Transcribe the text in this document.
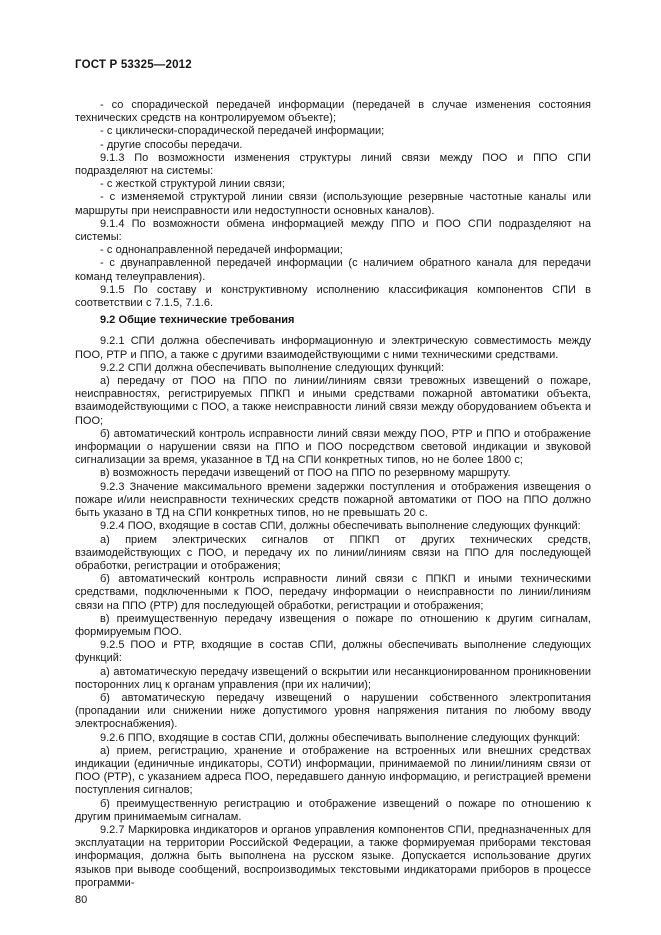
ГОСТ Р 53325—2012

- со спорадической передачей информации (передачей в случае изменения состояния технических средств на контролируемом объекте);

- с циклически-спорадической передачей информации;

- другие способы передачи.

9.1.3 По возможности изменения структуры линий связи между ПОО и ППО СПИ подразделяют на системы:

- с жесткой структурой линии связи;

- с изменяемой структурой линии связи (использующие резервные частотные каналы или маршруты при неисправности или недоступности основных каналов).

9.1.4 По возможности обмена информацией между ППО и ПОО СПИ подразделяют на системы:

- с однонаправленной передачей информации;

- с двунаправленной передачей информации (с наличием обратного канала для передачи команд телеуправления).

9.1.5 По составу и конструктивному исполнению классификация компонентов СПИ в соответствии с 7.1.5, 7.1.6.

9.2 Общие технические требования

9.2.1 СПИ должна обеспечивать информационную и электрическую совместимость между ПОО, РТР и ППО, а также с другими взаимодействующими с ними техническими средствами.

9.2.2 СПИ должна обеспечивать выполнение следующих функций:

а) передачу от ПОО на ППО по линии/линиям связи тревожных извещений о пожаре, неисправностях, регистрируемых ППКП и иными средствами пожарной автоматики объекта, взаимодействующими с ПОО, а также неисправности линий связи между оборудованием объекта и ПОО;

б) автоматический контроль исправности линий связи между ПОО, РТР и ППО и отображение информации о нарушении связи на ППО и ПОО посредством световой индикации и звуковой сигнализации за время, указанное в ТД на СПИ конкретных типов, но не более 1800 с;

в) возможность передачи извещений от ПОО на ППО по резервному маршруту.

9.2.3 Значение максимального времени задержки поступления и отображения извещения о пожаре и/или неисправности технических средств пожарной автоматики от ПОО на ППО должно быть указано в ТД на СПИ конкретных типов, но не превышать 20 с.

9.2.4 ПОО, входящие в состав СПИ, должны обеспечивать выполнение следующих функций:

а) прием электрических сигналов от ППКП от других технических средств, взаимодействующих с ПОО, и передачу их по линии/линиям связи на ППО для последующей обработки, регистрации и отображения;

б) автоматический контроль исправности линий связи с ППКП и иными техническими средствами, подключенными к ПОО, передачу информации о неисправности по линии/линиям связи на ППО (РТР) для последующей обработки, регистрации и отображения;

в) преимущественную передачу извещения о пожаре по отношению к другим сигналам, формируемым ПОО.

9.2.5 ПОО и РТР, входящие в состав СПИ, должны обеспечивать выполнение следующих функций:

а) автоматическую передачу извещений о вскрытии или несанкционированном проникновении посторонних лиц к органам управления (при их наличии);

б) автоматическую передачу извещений о нарушении собственного электропитания (пропадании или снижении ниже допустимого уровня напряжения питания по любому вводу электроснабжения).

9.2.6 ППО, входящие в состав СПИ, должны обеспечивать выполнение следующих функций:

а) прием, регистрацию, хранение и отображение на встроенных или внешних средствах индикации (единичные индикаторы, СОТИ) информации, принимаемой по линии/линиям связи от ПОО (РТР), с указанием адреса ПОО, передавшего данную информацию, и регистрацией времени поступления сигналов;

б) преимущественную регистрацию и отображение извещений о пожаре по отношению к другим принимаемым сигналам.

9.2.7 Маркировка индикаторов и органов управления компонентов СПИ, предназначенных для эксплуатации на территории Российской Федерации, а также формируемая приборами текстовая информация, должна быть выполнена на русском языке. Допускается использование других языков при выводе сообщений, воспроизводимых текстовыми индикаторами приборов в процессе программи-

80
